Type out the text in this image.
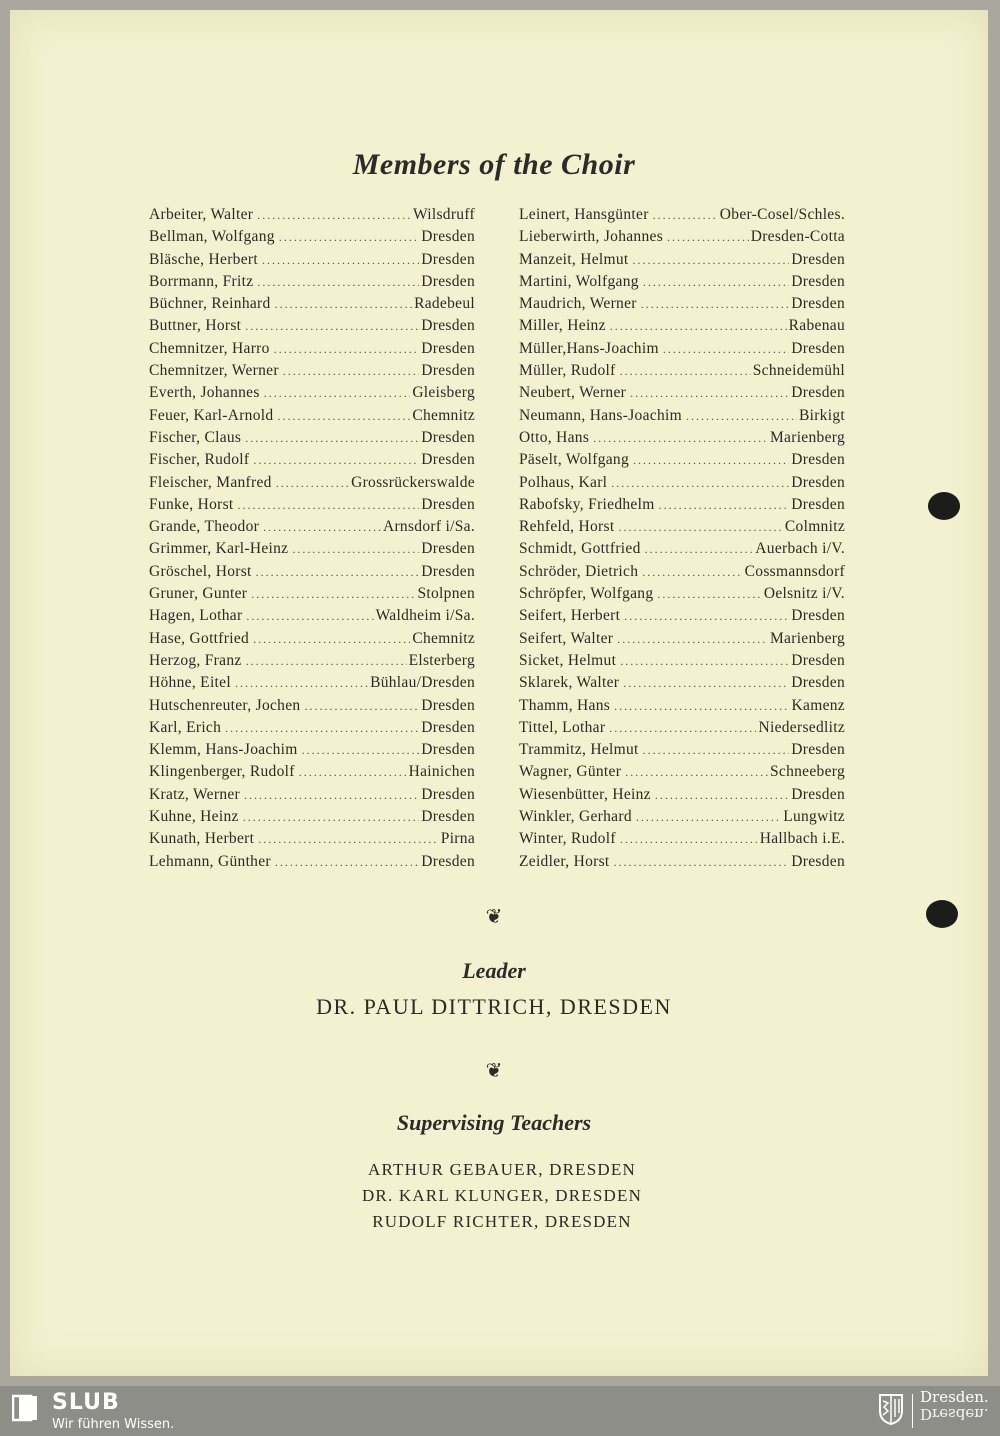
Members of the Choir
Arbeiter, Walter .....	Wilsdruff
Bellman, Wolfgang .....	Dresden
Bläsche, Herbert .....	Dresden
Borrmann, Fritz .....	Dresden
Büchner, Reinhard .....	Radebeul
Buttner, Horst .....	Dresden
Chemnitzer, Harro .....	Dresden
Chemnitzer, Werner .....	Dresden
Everth, Johannes .....	Gleisberg
Feuer, Karl-Arnold .....	Chemnitz
Fischer, Claus .....	Dresden
Fischer, Rudolf .....	Dresden
Fleischer, Manfred .....	Grossrückerswalde
Funke, Horst .....	Dresden
Grande, Theodor .....	Arnsdorf i/Sa.
Grimmer, Karl-Heinz .....	Dresden
Gröschel, Horst .....	Dresden
Gruner, Gunter .....	Stolpnen
Hagen, Lothar .....	Waldheim i/Sa.
Hase, Gottfried .....	Chemnitz
Herzog, Franz .....	Elsterberg
Höhne, Eitel .....	Bühlau/Dresden
Hutschenreuter, Jochen .....	Dresden
Karl, Erich .....	Dresden
Klemm, Hans-Joachim .....	Dresden
Klingenberger, Rudolf .....	Hainichen
Kratz, Werner .....	Dresden
Kuhne, Heinz .....	Dresden
Kunath, Herbert .....	Pirna
Lehmann, Günther .....	Dresden
Leinert, Hansgünter .....	Ober-Cosel/Schles.
Lieberwirth, Johannes .....	Dresden-Cotta
Manzeit, Helmut .....	Dresden
Martini, Wolfgang .....	Dresden
Maudrich, Werner .....	Dresden
Miller, Heinz .....	Rabenau
Müller,Hans-Joachim .....	Dresden
Müller, Rudolf .....	Schneidemühl
Neubert, Werner .....	Dresden
Neumann, Hans-Joachim .....	Birkigt
Otto, Hans .....	Marienberg
Päselt, Wolfgang .....	Dresden
Polhaus, Karl .....	Dresden
Rabofsky, Friedhelm .....	Dresden
Rehfeld, Horst .....	Colmnitz
Schmidt, Gottfried .....	Auerbach i/V.
Schröder, Dietrich .....	Cossmannsdorf
Schröpfer, Wolfgang .....	Oelsnitz i/V.
Seifert, Herbert .....	Dresden
Seifert, Walter .....	Marienberg
Sicket, Helmut .....	Dresden
Sklarek, Walter .....	Dresden
Thamm, Hans .....	Kamenz
Tittel, Lothar .....	Niedersedlitz
Trammitz, Helmut .....	Dresden
Wagner, Günter .....	Schneeberg
Wiesenbütter, Heinz .....	Dresden
Winkler, Gerhard .....	Lungwitz
Winter, Rudolf .....	Hallbach i.E.
Zeidler, Horst .....	Dresden
❦
Leader
DR. PAUL DITTRICH, DRESDEN
❦
Supervising Teachers
ARTHUR GEBAUER, DRESDEN
DR. KARL KLUNGER, DRESDEN
RUDOLF RICHTER, DRESDEN
SLUB
Wir führen Wissen.
Dresden.
Dresden.
